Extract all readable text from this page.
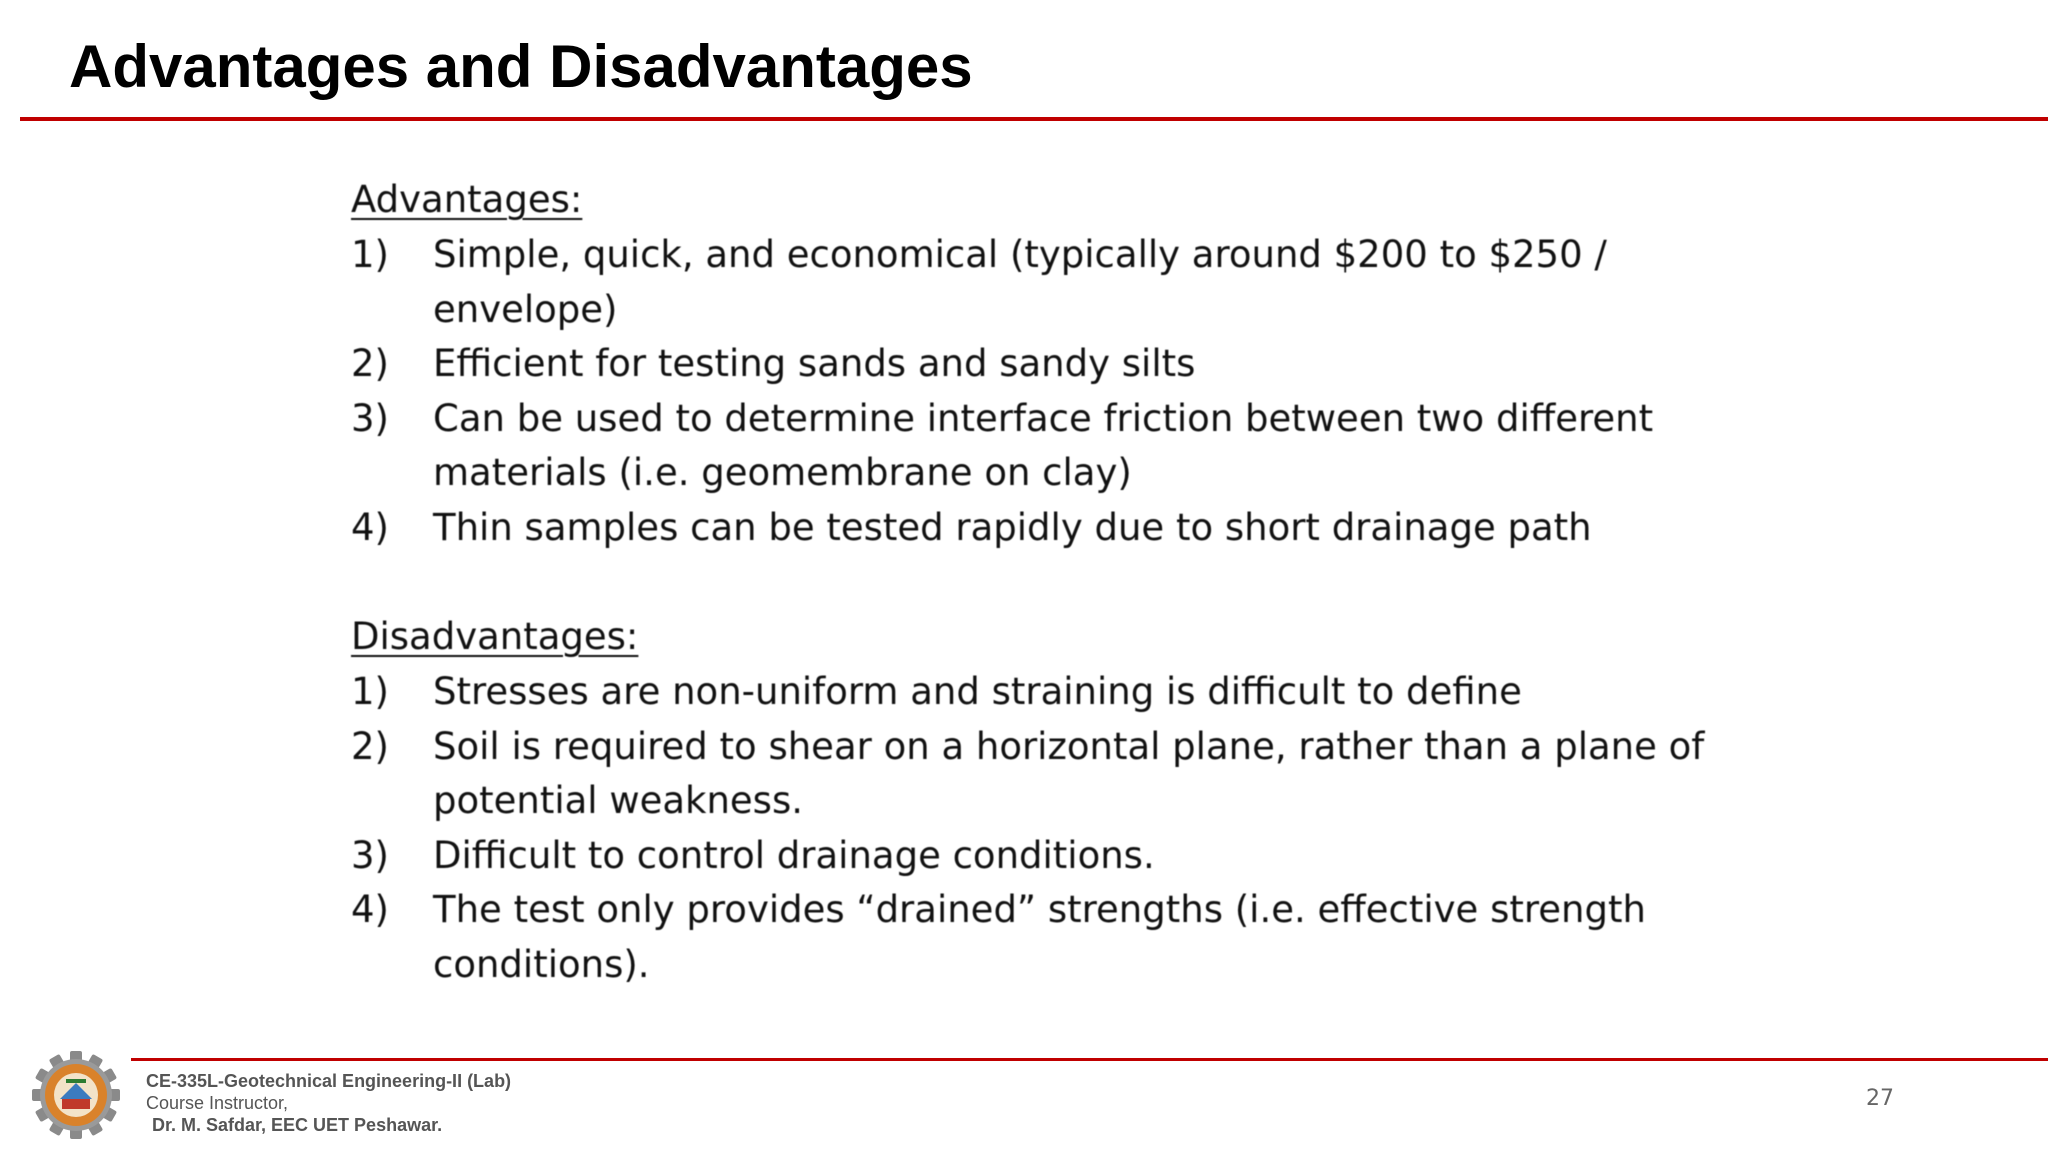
Advantages and Disadvantages
Advantages:
1)	Simple, quick, and economical (typically around $200 to $250 /
envelope)
2)	Efficient for testing sands and sandy silts
3)	Can be used to determine interface friction between two different
materials (i.e. geomembrane on clay)
4)	Thin samples can be tested rapidly due to short drainage path
Disadvantages:
1)	Stresses are non-uniform and straining is difficult to define
2)	Soil is required to shear on a horizontal plane, rather than a plane of
potential weakness.
3)	Difficult to control drainage conditions.
4)	The test only provides “drained” strengths (i.e. effective strength
conditions).
CE-335L-Geotechnical Engineering-II (Lab)
Course Instructor,
Dr. M. Safdar, EEC UET Peshawar.
27
